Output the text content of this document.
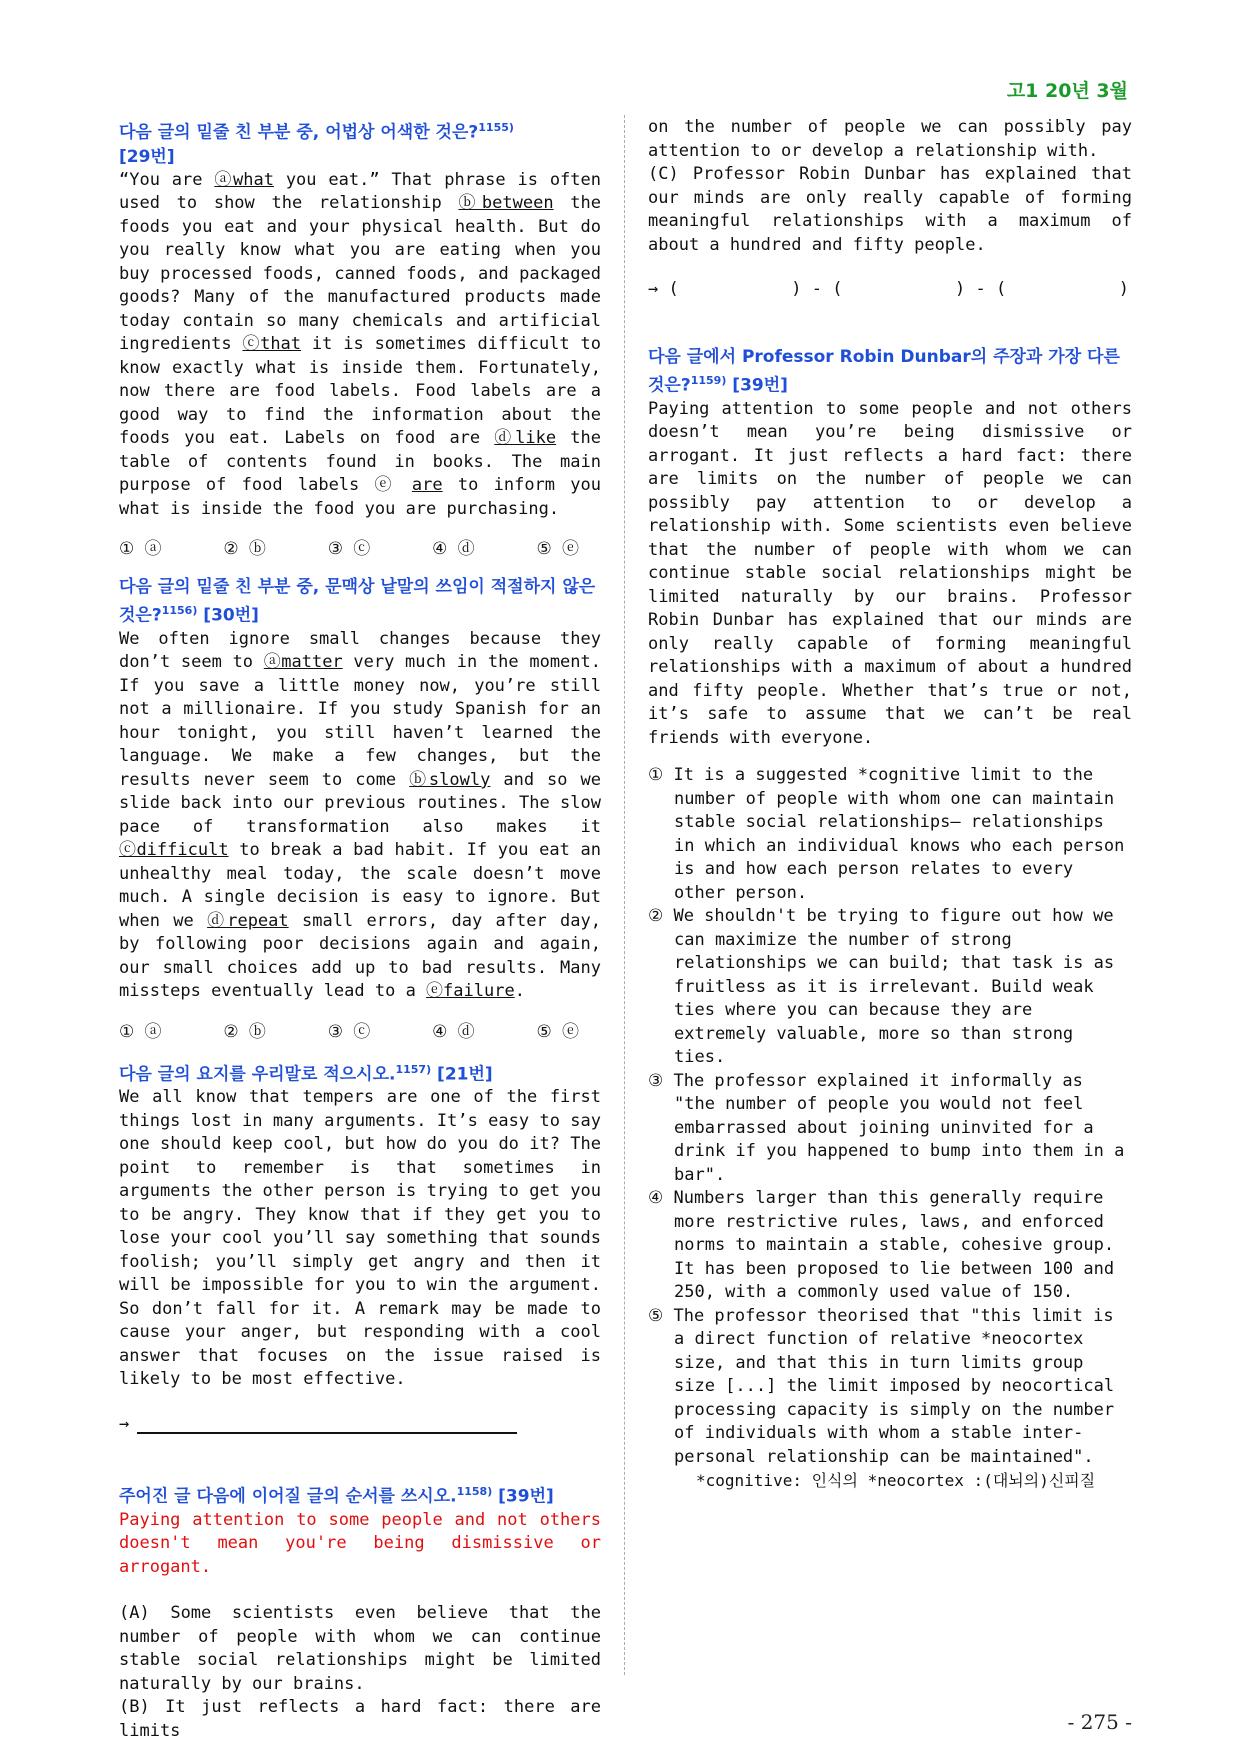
고1 20년 3월
다음 글의 밑줄 친 부분 중, 어법상 어색한 것은?$^{1155)}$
[29번]

“You are ⓐwhat you eat.” That phrase is often used to show the relationship ⓑbetween the foods you eat and your physical health. But do you really know what you are eating when you buy processed foods, canned foods, and packaged goods? Many of the manufactured products made today contain so many chemicals and artificial ingredients ⓒthat it is sometimes difficult to know exactly what is inside them. Fortunately, now there are food labels. Food labels are a good way to find the information about the foods you eat. Labels on food are ⓓlike the table of contents found in books. The main purpose of food labels ⓔ are to inform you what is inside the food you are purchasing.

① ⓐ	② ⓑ	③ ⓒ	④ ⓓ	⑤ ⓔ
다음 글의 밑줄 친 부분 중, 문맥상 낱말의 쓰임이 적절하지 않은 것은?$^{1156)}$ [30번]

We often ignore small changes because they don’t seem to ⓐmatter very much in the moment. If you save a little money now, you’re still not a millionaire. If you study Spanish for an hour tonight, you still haven’t learned the language. We make a few changes, but the results never seem to come ⓑslowly and so we slide back into our previous routines. The slow pace of transformation also makes it ⓒdifficult to break a bad habit. If you eat an unhealthy meal today, the scale doesn’t move much. A single decision is easy to ignore. But when we ⓓrepeat small errors, day after day, by following poor decisions again and again, our small choices add up to bad results. Many missteps eventually lead to a ⓔfailure.

① ⓐ	② ⓑ	③ ⓒ	④ ⓓ	⑤ ⓔ
다음 글의 요지를 우리말로 적으시오.$^{1157)}$ [21번]

We all know that tempers are one of the first things lost in many arguments. It’s easy to say one should keep cool, but how do you do it? The point to remember is that sometimes in arguments the other person is trying to get you to be angry. They know that if they get you to lose your cool you’ll say something that sounds foolish; you’ll simply get angry and then it will be impossible for you to win the argument. So don’t fall for it. A remark may be made to cause your anger, but responding with a cool answer that focuses on the issue raised is likely to be most effective.

→
주어진 글 다음에 이어질 글의 순서를 쓰시오.$^{1158)}$ [39번]

Paying attention to some people and not others doesn't mean you're being dismissive or arrogant.

(A) Some scientists even believe that the number of people with whom we can continue stable social relationships might be limited naturally by our brains.

(B) It just reflects a hard fact: there are limits

on the number of people we can possibly pay attention to or develop a relationship with.

(C) Professor Robin Dunbar has explained that our minds are only really capable of forming meaningful relationships with a maximum of about a hundred and fifty people.

→ (           ) - (           ) - (           )
다음 글에서 Professor Robin Dunbar의 주장과 가장 다른 것은?$^{1159)}$ [39번]

Paying attention to some people and not others doesn’t mean you’re being dismissive or arrogant. It just reflects a hard fact: there are limits on the number of people we can possibly pay attention to or develop a relationship with. Some scientists even believe that the number of people with whom we can continue stable social relationships might be limited naturally by our brains. Professor Robin Dunbar has explained that our minds are only really capable of forming meaningful relationships with a maximum of about a hundred and fifty people. Whether that’s true or not, it’s safe to assume that we can’t be real friends with everyone.

① It is a suggested *cognitive limit to the number of people with whom one can maintain stable social relationships— relationships in which an individual knows who each person is and how each person relates to every other person.
② We shouldn't be trying to figure out how we can maximize the number of strong relationships we can build; that task is as fruitless as it is irrelevant. Build weak ties where you can because they are extremely valuable, more so than strong ties.
③ The professor explained it informally as "the number of people you would not feel embarrassed about joining uninvited for a drink if you happened to bump into them in a bar".
④ Numbers larger than this generally require more restrictive rules, laws, and enforced norms to maintain a stable, cohesive group. It has been proposed to lie between 100 and 250, with a commonly used value of 150.
⑤ The professor theorised that "this limit is a direct function of relative *neocortex size, and that this in turn limits group size [...] the limit imposed by neocortical processing capacity is simply on the number of individuals with whom a stable inter-personal relationship can be maintained".
*cognitive: 인식의 *neocortex :(대뇌의)신피질
- 275 -
